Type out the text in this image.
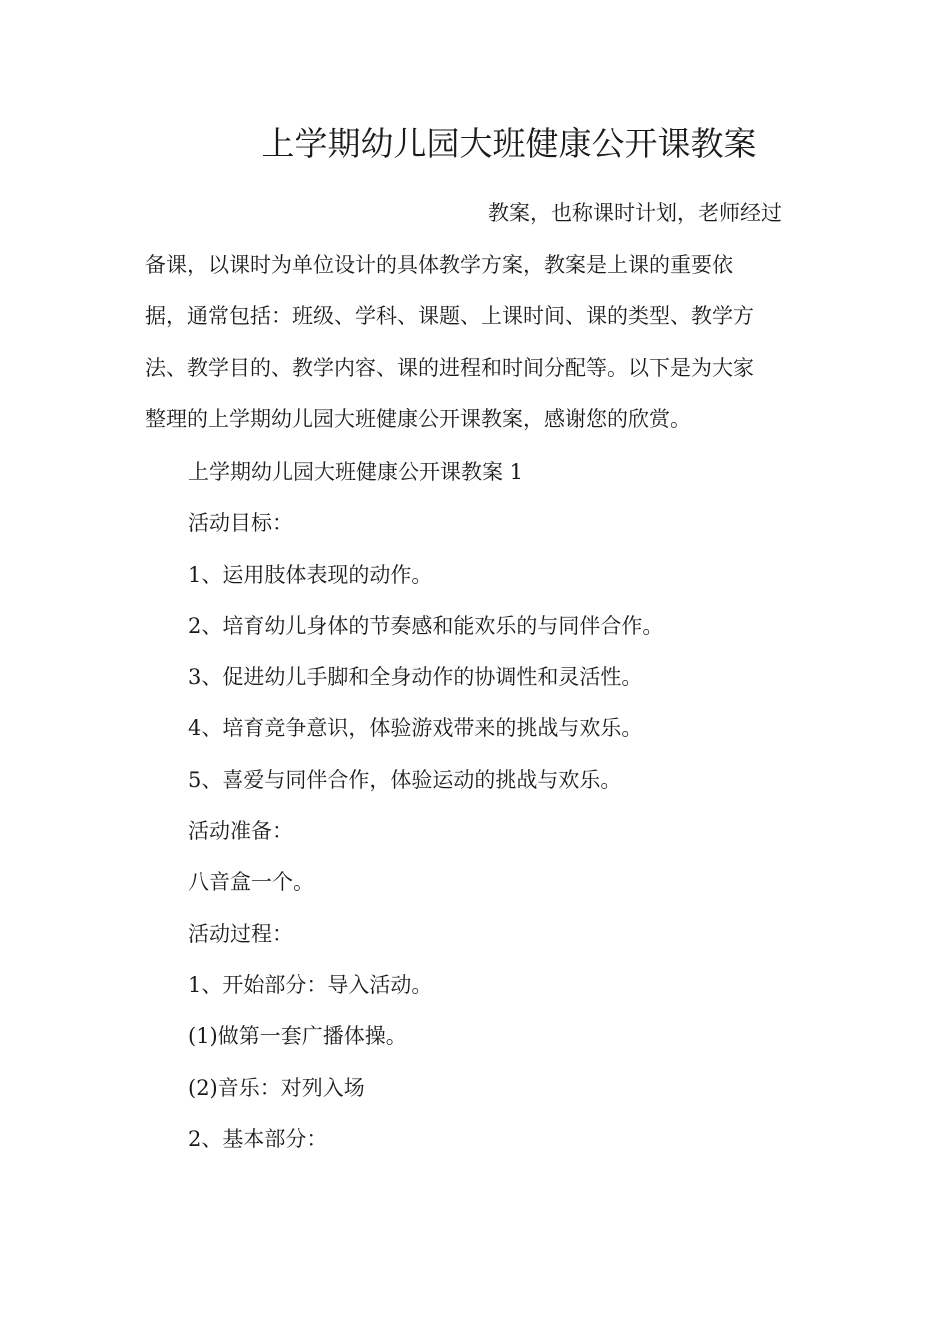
上学期幼儿园大班健康公开课教案
教案，也称课时计划，老师经过
备课，以课时为单位设计的具体教学方案，教案是上课的重要依
据，通常包括：班级、学科、课题、上课时间、课的类型、教学方
法、教学目的、教学内容、课的进程和时间分配等。以下是为大家
整理的上学期幼儿园大班健康公开课教案，感谢您的欣赏。
上学期幼儿园大班健康公开课教案 1
活动目标：
1、运用肢体表现的动作。
2、培育幼儿身体的节奏感和能欢乐的与同伴合作。
3、促进幼儿手脚和全身动作的协调性和灵活性。
4、培育竞争意识，体验游戏带来的挑战与欢乐。
5、喜爱与同伴合作，体验运动的挑战与欢乐。
活动准备：
八音盒一个。
活动过程：
1、开始部分：导入活动。
(1)做第一套广播体操。
(2)音乐：对列入场
2、基本部分：
